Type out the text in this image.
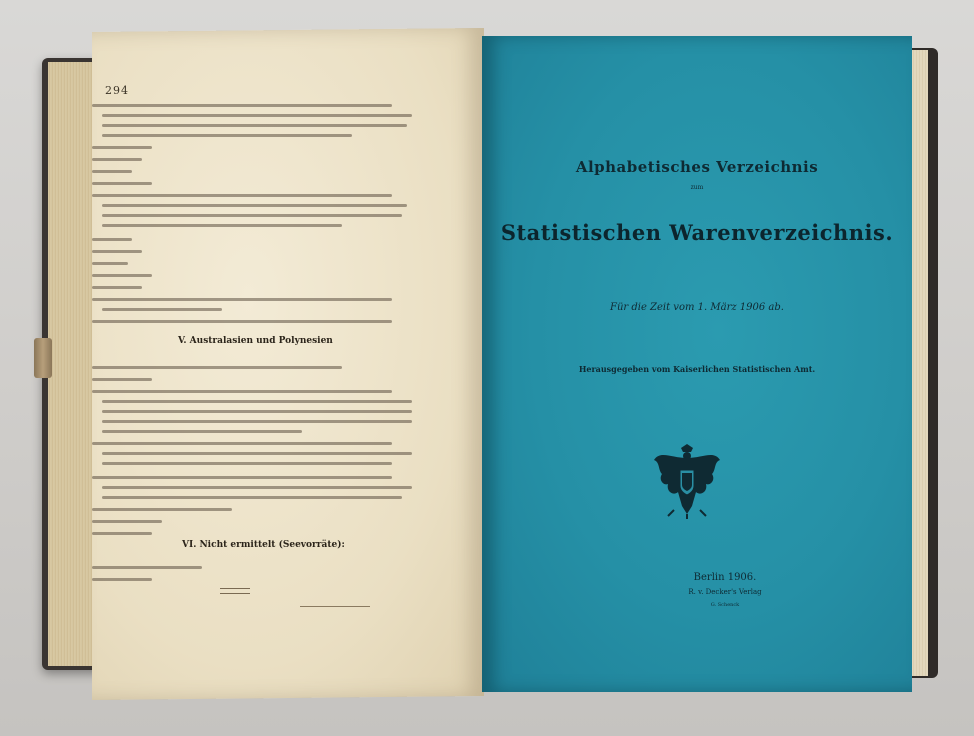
294
V. Australasien und Polynesien
VI. Nicht ermittelt (Seevorräte):
Alphabetisches Verzeichnis
zum
Statistischen Warenverzeichnis.
Für die Zeit vom 1. März 1906 ab.
Herausgegeben vom Kaiserlichen Statistischen Amt.
Berlin 1906.
R. v. Decker's Verlag
G. Schenck
